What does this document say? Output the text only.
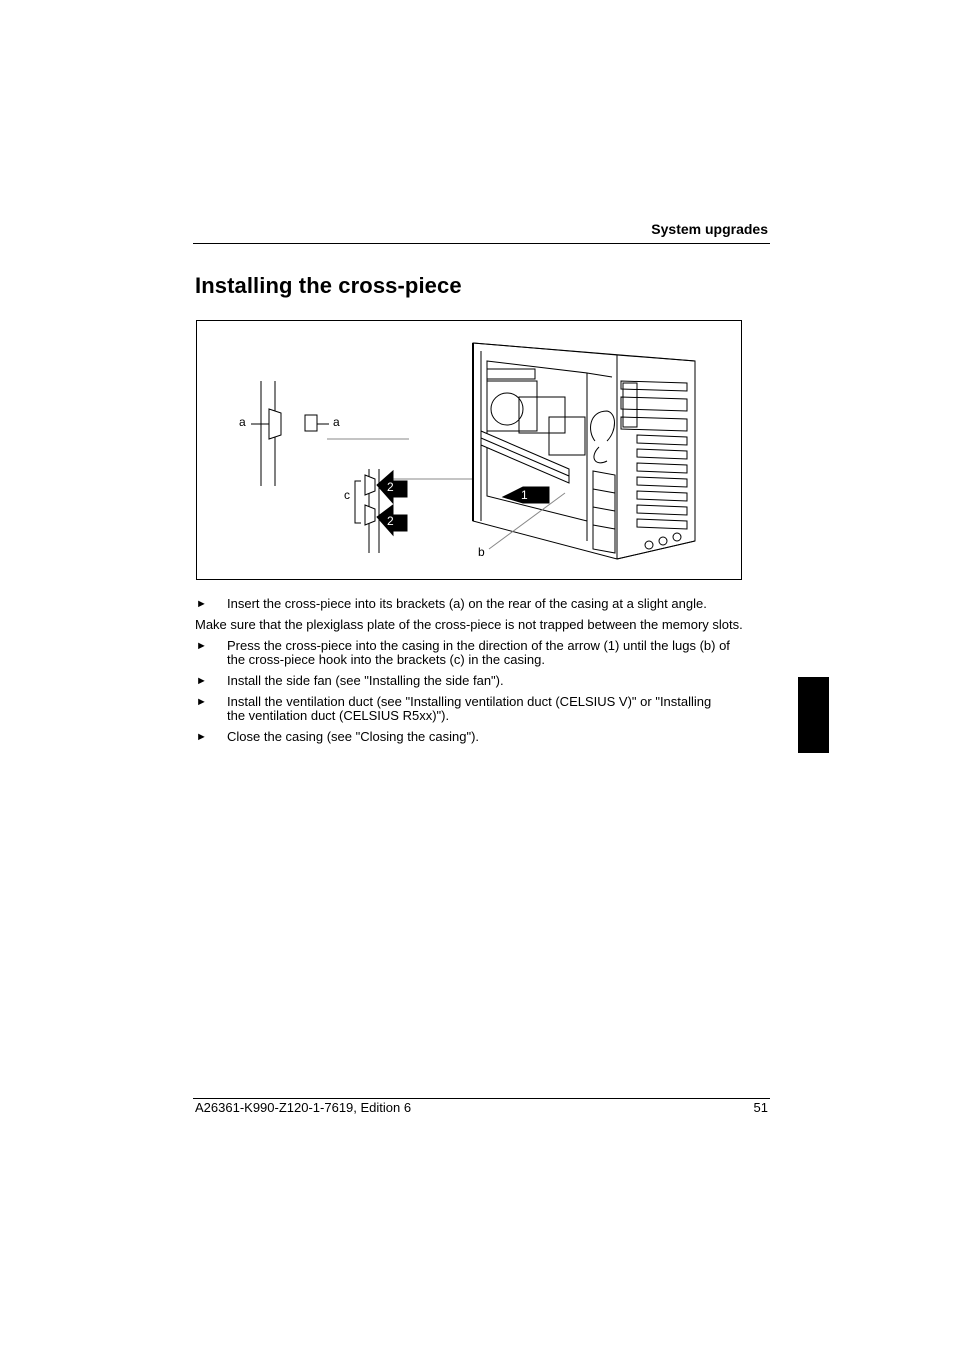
System upgrades
Installing the cross-piece
a	a
c
b
2
2
1
► Insert the cross-piece into its brackets (a) on the rear of the casing at a slight angle.
Make sure that the plexiglass plate of the cross-piece is not trapped between the memory slots.
► Press the cross-piece into the casing in the direction of the arrow (1) until the lugs (b) of the cross-piece hook into the brackets (c) in the casing.
► Install the side fan (see "Installing the side fan").
► Install the ventilation duct (see "Installing ventilation duct (CELSIUS V)" or "Installing the ventilation duct (CELSIUS R5xx)").
► Close the casing (see "Closing the casing").
A26361-K990-Z120-1-7619, Edition 6	51
